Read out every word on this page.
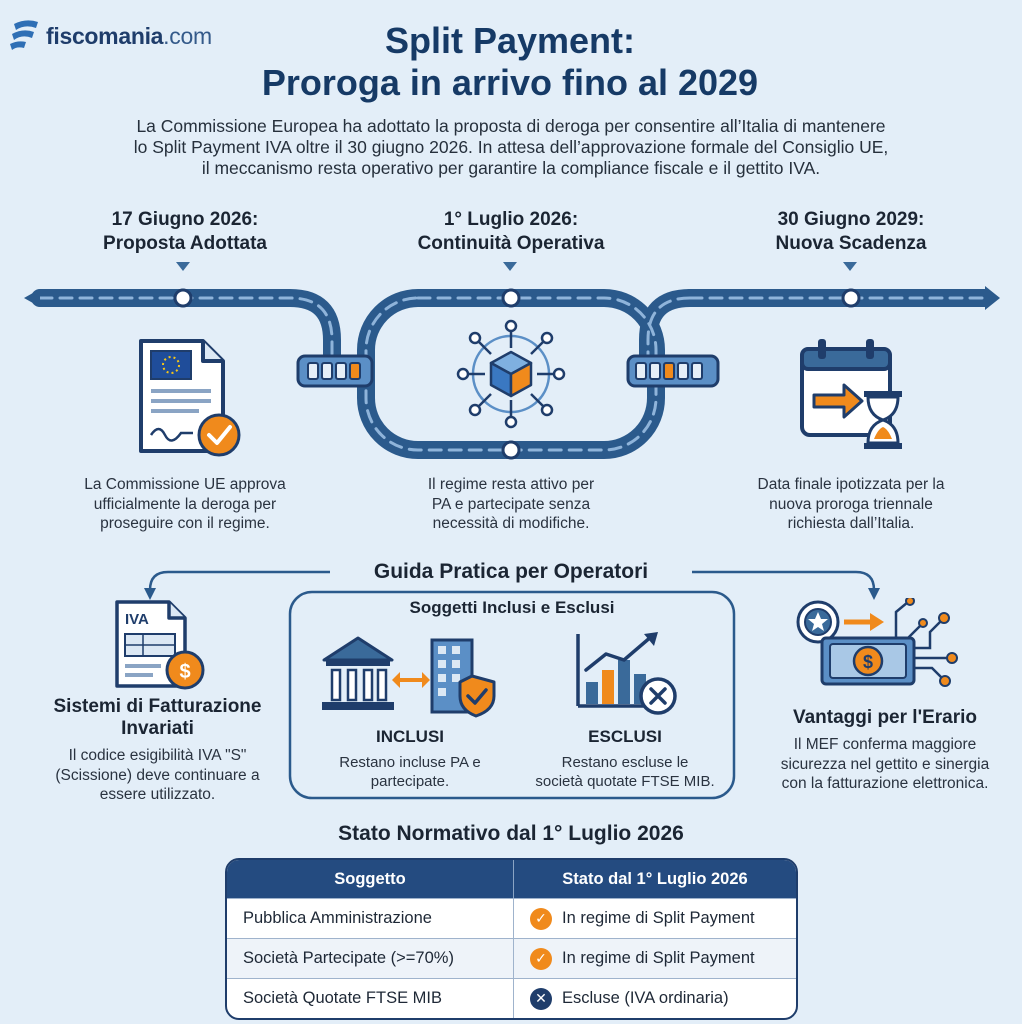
fiscomania.com	Split Payment:
Proroga in arrivo fino al 2029
La Commissione Europea ha adottato la proposta di deroga per consentire all’Italia di mantenere
lo Split Payment IVA oltre il 30 giugno 2026. In attesa dell’approvazione formale del Consiglio UE,
il meccanismo resta operativo per garantire la compliance fiscale e il gettito IVA.
17 Giugno 2026:
Proposta Adottata
1° Luglio 2026:
Continuità Operativa
30 Giugno 2029:
Nuova Scadenza
La Commissione UE approva
ufficialmente la deroga per
proseguire con il regime.
Il regime resta attivo per
PA e partecipate senza
necessità di modifiche.
Data finale ipotizzata per la
nuova proroga triennale
richiesta dall’Italia.
Guida Pratica per Operatori
Soggetti Inclusi e Esclusi
IVA
$
Sistemi di Fatturazione
Invariati
Il codice esigibilità IVA "S"
(Scissione) deve continuare a
essere utilizzato.
INCLUSI
Restano incluse PA e
partecipate.
ESCLUSI
Restano escluse le
società quotate FTSE MIB.
$
Vantaggi per l'Erario
Il MEF conferma maggiore
sicurezza nel gettito e sinergia
con la fatturazione elettronica.
Stato Normativo dal 1° Luglio 2026
Soggetto	Stato dal 1° Luglio 2026
Pubblica Amministrazione	✓ In regime di Split Payment

Società Partecipate (>=70%)	✓ In regime di Split Payment

Società Quotate FTSE MIB	✕ Escluse (IVA ordinaria)
